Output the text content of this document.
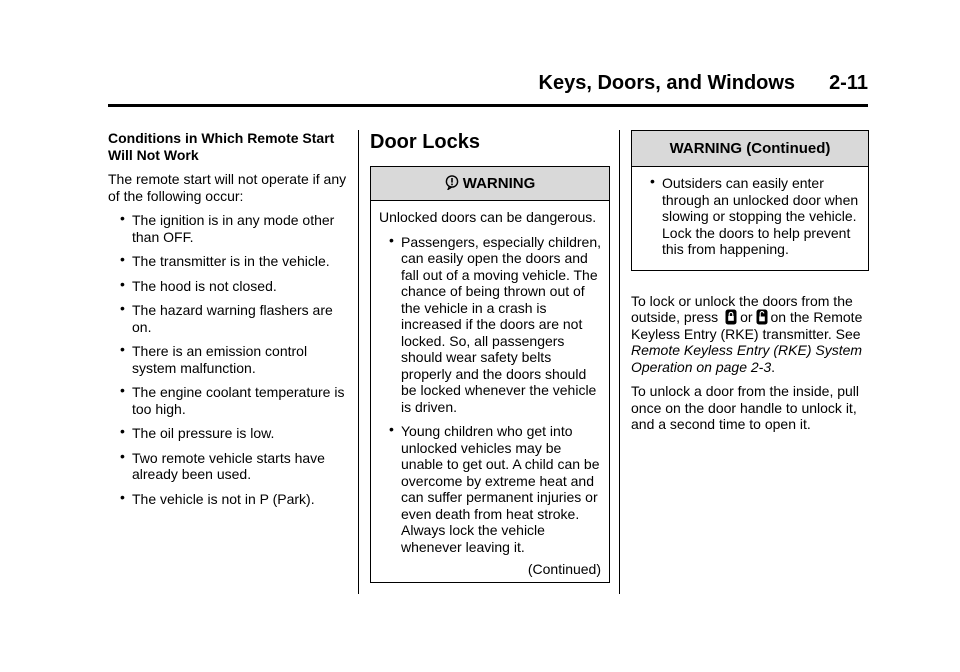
Keys, Doors, and Windows 2-11

Conditions in Which Remote Start
Will Not Work

The remote start will not operate if any of the following occur:

• The ignition is in any mode other than OFF.
• The transmitter is in the vehicle.
• The hood is not closed.
• The hazard warning flashers are on.
• There is an emission control system malfunction.
• The engine coolant temperature is too high.
• The oil pressure is low.
• Two remote vehicle starts have already been used.
• The vehicle is not in P (Park).
Door Locks
WARNING

Unlocked doors can be dangerous.

• Passengers, especially children, can easily open the doors and fall out of a moving vehicle. The chance of being thrown out of the vehicle in a crash is increased if the doors are not locked. So, all passengers should wear safety belts properly and the doors should be locked whenever the vehicle is driven.
• Young children who get into unlocked vehicles may be unable to get out. A child can be overcome by extreme heat and can suffer permanent injuries or even death from heat stroke. Always lock the vehicle whenever leaving it.
(Continued)
WARNING (Continued)
• Outsiders can easily enter through an unlocked door when slowing or stopping the vehicle. Lock the doors to help prevent this from happening.

To lock or unlock the doors from the outside, press or on the Remote Keyless Entry (RKE) transmitter. See Remote Keyless Entry (RKE) System Operation on page 2-3.

To unlock a door from the inside, pull once on the door handle to unlock it, and a second time to open it.
